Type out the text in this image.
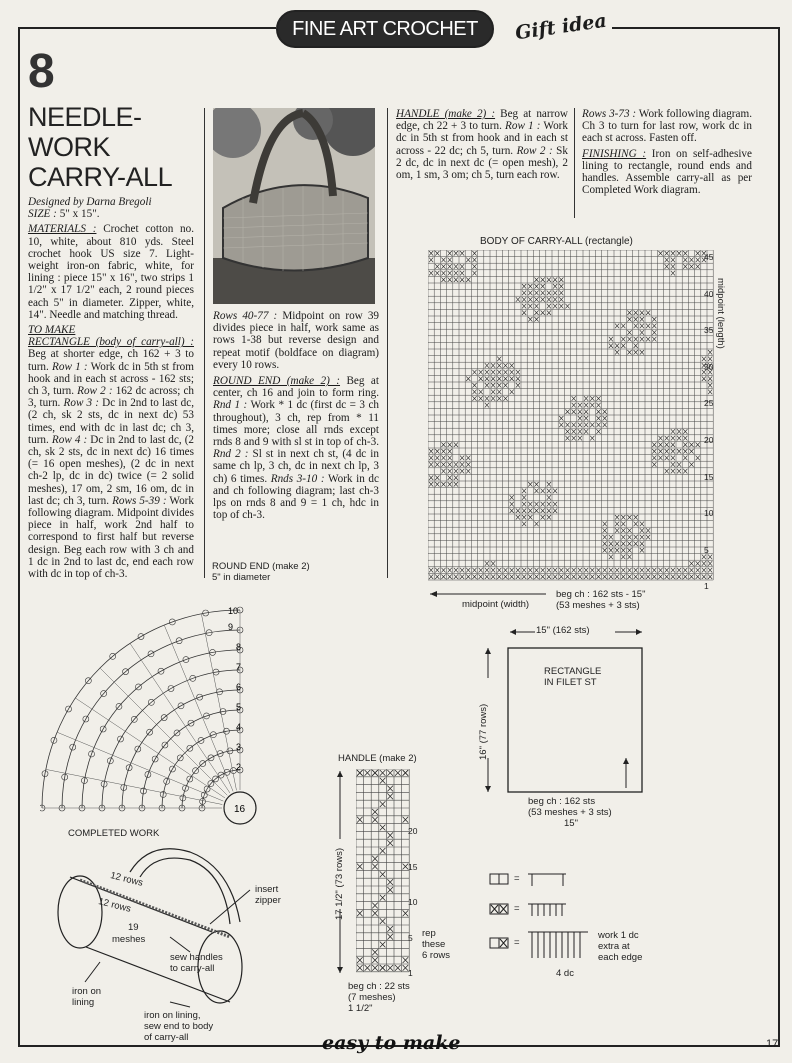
FINE ART CROCHET	Gift idea
8
NEEDLE-
WORK
CARRY-ALL

Designed by Darna Bregoli

SIZE : 5" x 15".

MATERIALS : Crochet cotton no. 10, white, about 810 yds. Steel crochet hook US size 7. Light-weight iron-on fabric, white, for lining : piece 15" x 16", two strips 1 1/2" x 17 1/2" each, 2 round pieces each 5" in diameter. Zipper, white, 14". Needle and matching thread.

TO MAKE

RECTANGLE (body of carry-all) : Beg at shorter edge, ch 162 + 3 to turn. Row 1 : Work dc in 5th st from hook and in each st across - 162 sts; ch 3, turn. Row 2 : 162 dc across; ch 3, turn. Row 3 : Dc in 2nd to last dc, (2 ch, sk 2 sts, dc in next dc) 53 times, end with dc in last dc; ch 3, turn. Row 4 : Dc in 2nd to last dc, (2 ch, sk 2 sts, dc in next dc) 16 times (= 16 open meshes), (2 dc in next ch-2 lp, dc in dc) twice (= 2 solid meshes), 17 om, 2 sm, 16 om, dc in last dc; ch 3, turn. Rows 5-39 : Work following diagram. Midpoint divides piece in half, work 2nd half to correspond to first half but reverse design. Beg each row with 3 ch and 1 dc in 2nd to last dc, end each row with dc in top of ch-3.

Rows 40-77 : Midpoint on row 39 divides piece in half, work same as rows 1-38 but reverse design and repeat motif (boldface on diagram) every 10 rows.

ROUND END (make 2) : Beg at center, ch 16 and join to form ring. Rnd 1 : Work * 1 dc (first dc = 3 ch throughout), 3 ch, rep from * 11 times more; close all rnds except rnds 8 and 9 with sl st in top of ch-3. Rnd 2 : Sl st in next ch st, (4 dc in same ch lp, 3 ch, dc in next ch lp, 3 ch) 6 times. Rnds 3-10 : Work in dc and ch following diagram; last ch-3 lps on rnds 8 and 9 = 1 ch, hdc in top of ch-3.

HANDLE (make 2) : Beg at narrow edge, ch 22 + 3 to turn. Row 1 : Work dc in 5th st from hook and in each st across - 22 dc; ch 5, turn. Row 2 : Sk 2 dc, dc in next dc (= open mesh), 2 om, 1 sm, 3 om; ch 5, turn each row.

Rows 3-73 : Work following diagram. Ch 3 to turn for last row, work dc in each st across. Fasten off.

FINISHING : Iron on self-adhesive lining to rectangle, round ends and handles. Assemble carry-all as per Completed Work diagram.

BODY OF CARRY-ALL (rectangle)
midpoint (length)
45
40
35
30
25
20
15
10
5
1
midpoint (width)
beg ch : 162 sts - 15"
(53 meshes + 3 sts)
ROUND END (make 2)
5" in diameter
16
10
9
8
7
6
5
4
3
2
15" (162 sts)
16" (77 rows)
RECTANGLE
IN FILET ST
beg ch : 162 sts
(53 meshes + 3 sts)
15"
HANDLE (make 2)
17 1/2" (73 rows)
20
15
10
5
1
rep
these
6 rows
beg ch : 22 sts
(7 meshes)
1 1/2"
COMPLETED WORK
12 rows
12 rows
19
meshes
insert
zipper
sew handles
to carry-all
iron on
lining
iron on lining,
sew end to body
of carry-all
=
=
=
work 1 dc
extra at
each edge
4 dc
easy to make	17
